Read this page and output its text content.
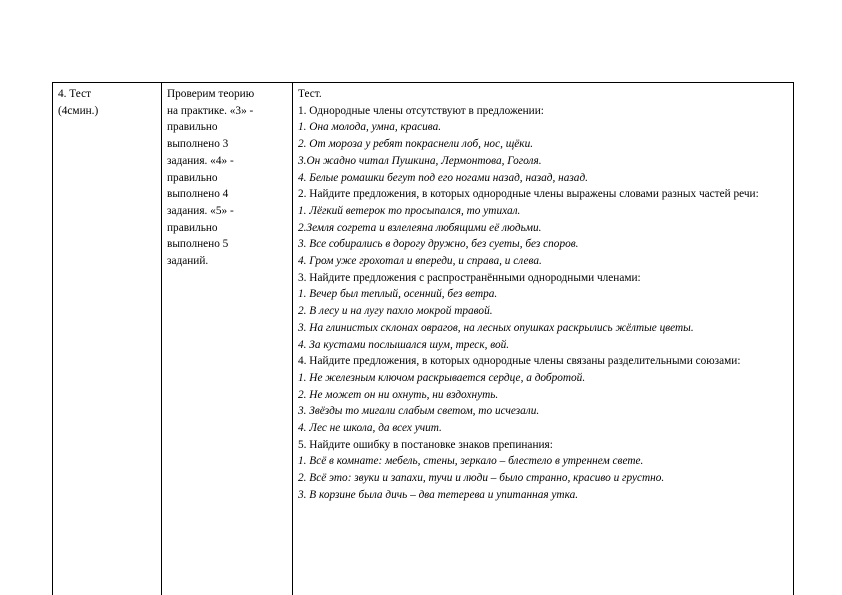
4. Тест
(4смин.)

Проверим теорию
на практике. «3» -
правильно
выполнено 3
задания. «4» -
правильно
выполнено 4
задания. «5» -
правильно
выполнено 5
заданий.

Тест.
1. Однородные члены отсутствуют в предложении:
1. Она молода, умна, красива.
2. От мороза у ребят покраснели лоб, нос, щёки.
3.Он жадно читал Пушкина, Лермонтова, Гоголя.
4. Белые ромашки бегут под его ногами назад, назад, назад.
2. Найдите предложения, в которых однородные члены выражены словами разных частей речи:
1. Лёгкий ветерок то просыпался, то утихал.
2.Земля согрета и взлелеяна любящими её людьми.
3. Все собирались в дорогу дружно, без суеты, без споров.
4. Гром уже грохотал и впереди, и справа, и слева.
3. Найдите предложения с распространёнными однородными членами:
1. Вечер был теплый, осенний, без ветра.
2. В лесу и на лугу пахло мокрой травой.
3. На глинистых склонах оврагов, на лесных опушках раскрылись жёлтые цветы.
4. За кустами послышался шум, треск, вой.
4. Найдите предложения, в которых однородные члены связаны разделительными союзами:
1. Не железным ключом раскрывается сердце, а добротой.
2. Не может он ни охнуть, ни вздохнуть.
3. Звёзды то мигали слабым светом, то исчезали.
4. Лес не школа, да всех учит.
5. Найдите ошибку в постановке знаков препинания:
1. Всё в комнате: мебель, стены, зеркало – блестело в утреннем свете.
2. Всё это: звуки и запахи, тучи и люди – было странно, красиво и грустно.
3. В корзине была дичь – два тетерева и упитанная утка.
